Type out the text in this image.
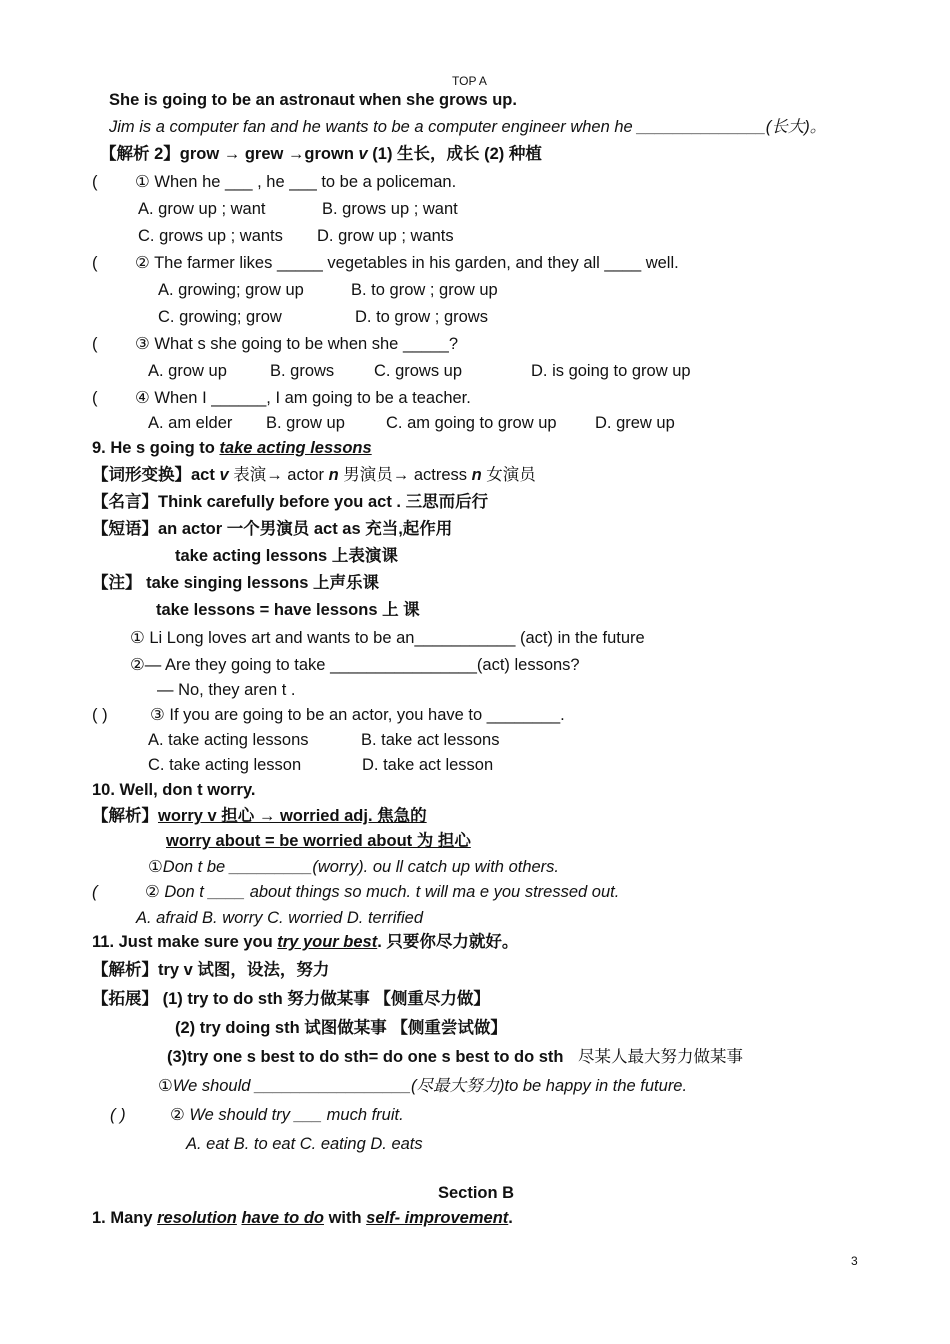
TOP A
She is going to be an astronaut when she grows up.
Jim is a computer fan and he wants to be a computer engineer when he ______________(长大)。
【解析 2】grow → grew →grown v (1) 生长，成长 (2) 种植
( ① When he ___ , he ___ to be a policeman.
A. grow up ; want	B. grows up ; want
C. grows up ; wants D. grow up ; wants
( ② The farmer likes _____ vegetables in his garden, and they all ____ well.
A. growing; grow up	B. to grow ; grow up
C. growing; grow	D. to grow ; grows
( ③ What s she going to be when she _____?
A. grow up	B. grows C. grows up	D. is going to grow up
( ④ When I ______, I am going to be a teacher.
A. am elder B. grow up C. am going to grow up D. grew up
9. He s going to take acting lessons
【词形变换】act v 表演→ actor n 男演员→ actress n 女演员
【名言】Think carefully before you act . 三思而后行
【短语】an actor 一个男演员 act as 充当,起作用
take acting lessons 上表演课
【注】 take singing lessons 上声乐课
take lessons = have lessons 上 课
① Li Long loves art and wants to be an___________ (act) in the future
②— Are they going to take ________________(act) lessons?
— No, they aren t .
( )	③ If you are going to be an actor, you have to ________.
A. take acting lessons	B. take act lessons
C. take acting lesson	D. take act lesson
10. Well, don t worry.
【解析】worry v 担心 → worried adj. 焦急的
worry about = be worried about 为 担心
①Don t be _________(worry). ou ll catch up with others.
(	② Don t ____ about things so much. t will ma e you stressed out.
A. afraid B. worry C. worried D. terrified
11. Just make sure you try your best. 只要你尽力就好。
【解析】try v 试图，设法，努力
【拓展】 (1) try to do sth 努力做某事 【侧重尽力做】
(2) try doing sth 试图做某事 【侧重尝试做】
(3)try one s best to do sth= do one s best to do sth 尽某人最大努力做某事
①We should _________________(尽最大努力)to be happy in the future.
( )	② We should try ___ much fruit.
A. eat B. to eat C. eating D. eats
Section B
1. Many resolution have to do with self- improvement.
3
